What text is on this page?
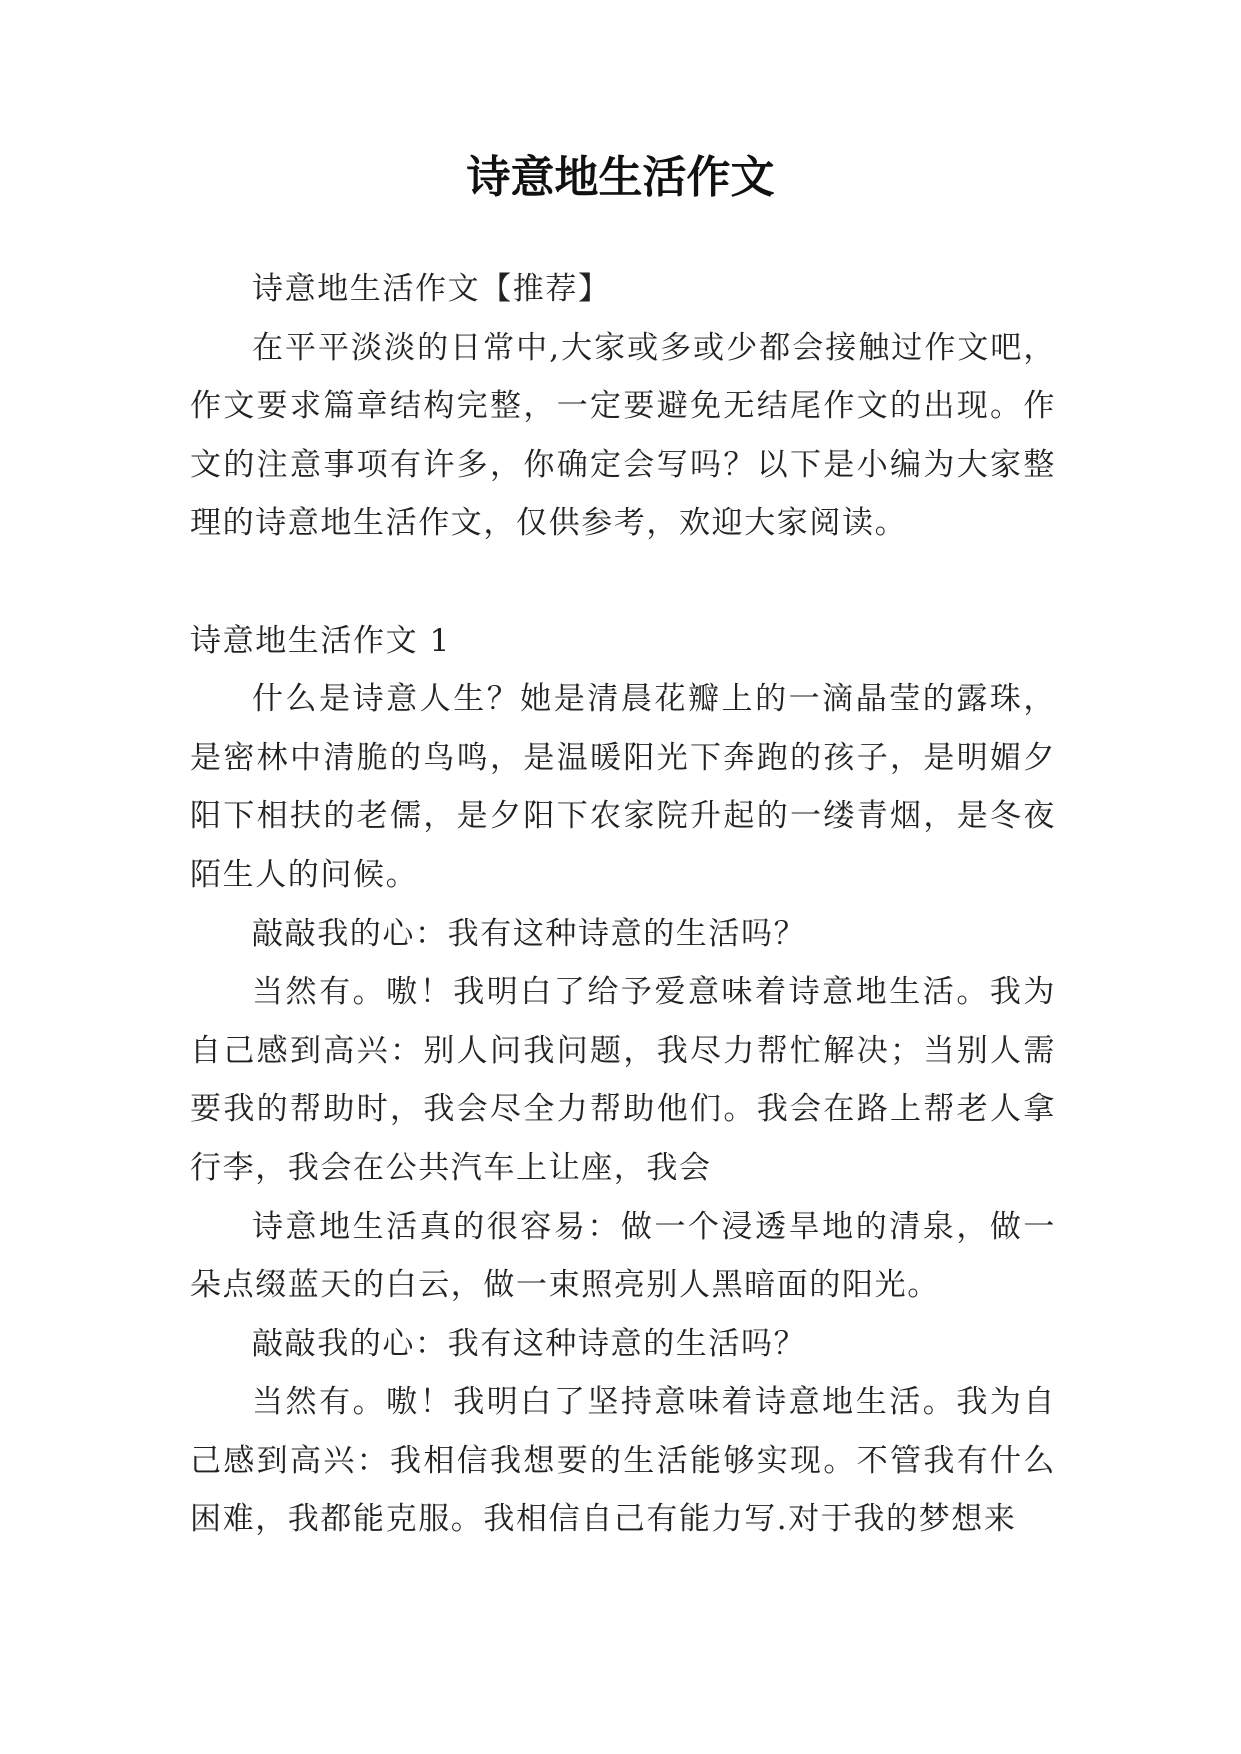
诗意地生活作文

诗意地生活作文【推荐】

在平平淡淡的日常中,大家或多或少都会接触过作文吧，作文要求篇章结构完整，一定要避免无结尾作文的出现。作文的注意事项有许多，你确定会写吗？以下是小编为大家整理的诗意地生活作文，仅供参考，欢迎大家阅读。

诗意地生活作文 1

什么是诗意人生？她是清晨花瓣上的一滴晶莹的露珠，是密林中清脆的鸟鸣，是温暖阳光下奔跑的孩子，是明媚夕阳下相扶的老儒，是夕阳下农家院升起的一缕青烟，是冬夜陌生人的问候。

敲敲我的心：我有这种诗意的生活吗？

当然有。嗷！我明白了给予爱意味着诗意地生活。我为自己感到高兴：别人问我问题，我尽力帮忙解决；当别人需要我的帮助时，我会尽全力帮助他们。我会在路上帮老人拿行李，我会在公共汽车上让座，我会

诗意地生活真的很容易：做一个浸透旱地的清泉，做一朵点缀蓝天的白云，做一束照亮别人黑暗面的阳光。

敲敲我的心：我有这种诗意的生活吗？

当然有。嗷！我明白了坚持意味着诗意地生活。我为自己感到高兴：我相信我想要的生活能够实现。不管我有什么困难，我都能克服。我相信自己有能力写.对于我的梦想来
